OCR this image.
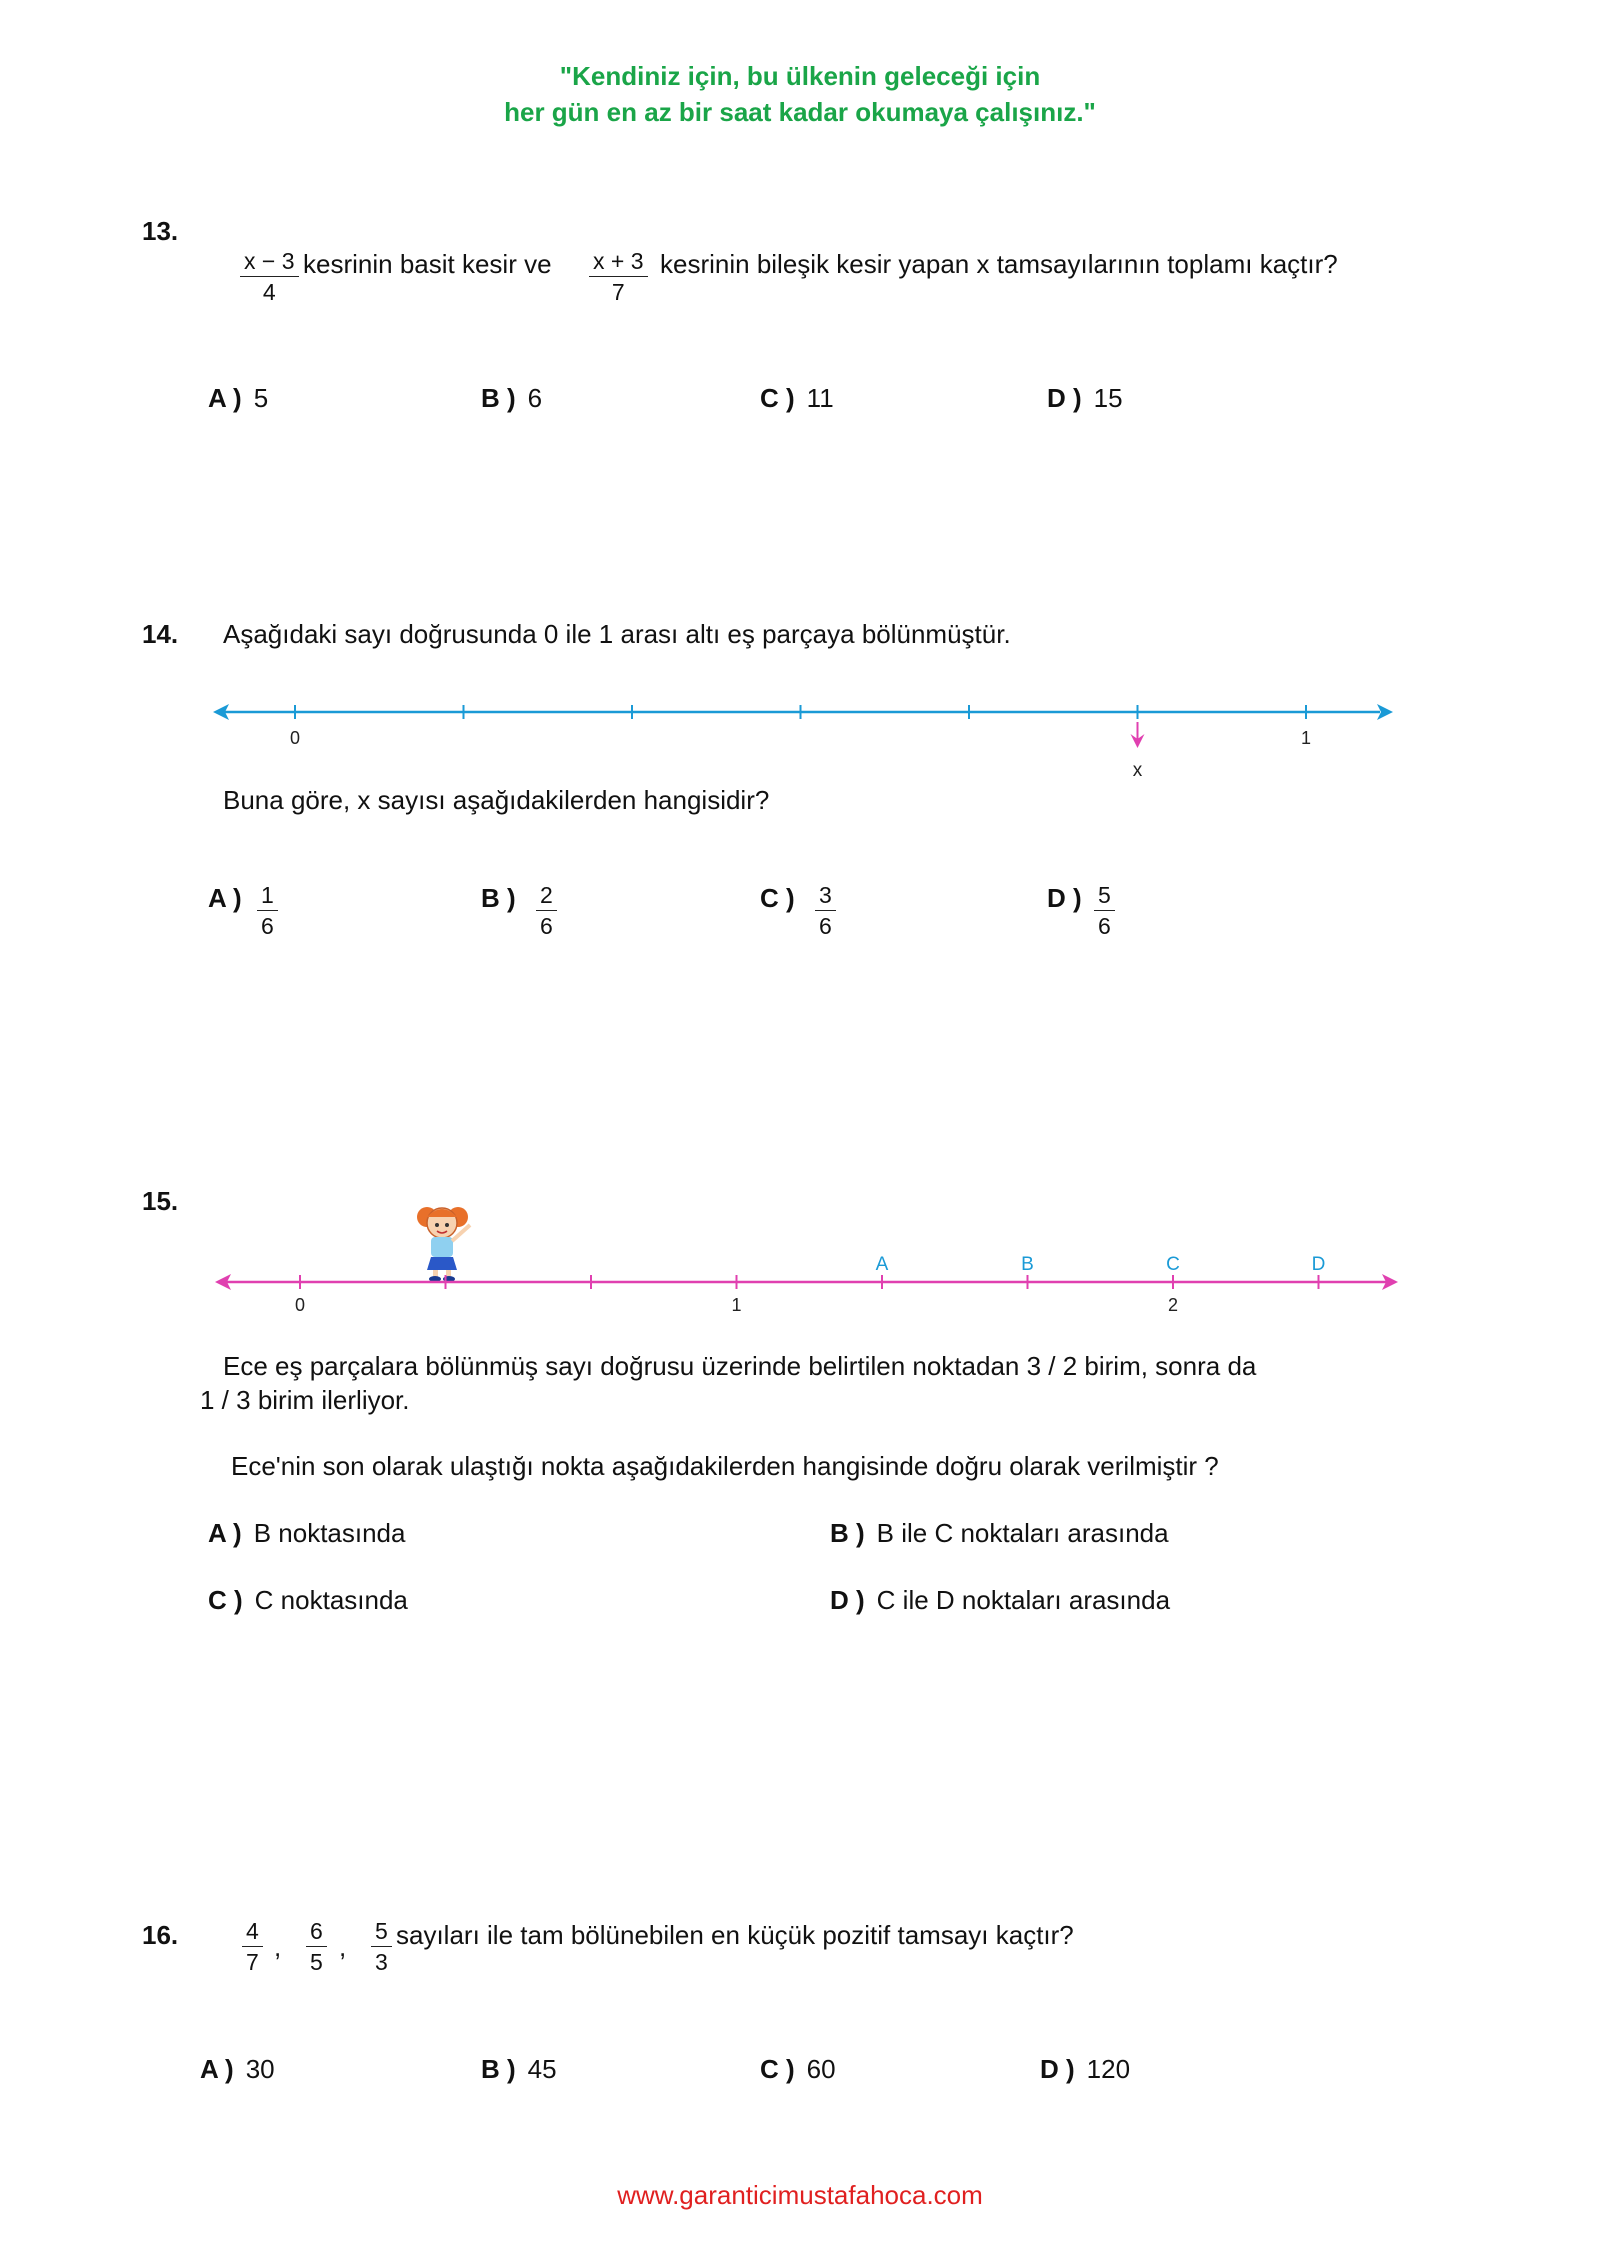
"Kendiniz için, bu ülkenin geleceği için
her gün en az bir saat kadar okumaya çalışınız."
13.
x − 3
4
kesrinin basit kesir ve x + 3
7
kesrinin bileşik kesir yapan x tamsayılarının toplamı kaçtır?
A ) 5	B ) 6	C ) 11	D ) 15
14. Aşağıdaki sayı doğrusunda 0 ile 1 arası altı eş parçaya bölünmüştür.
0	1
x
Buna göre, x sayısı aşağıdakilerden hangisidir?
A ) 1
6
B )	2
6
C )	3
6
D ) 5
6
15.
0	1	2
A	B	C	D
Ece eş parçalara bölünmüş sayı doğrusu üzerinde belirtilen noktadan 3 / 2 birim, sonra da
1 / 3 birim ilerliyor.
Ece'nin son olarak ulaştığı nokta aşağıdakilerden hangisinde doğru olarak verilmiştir ?
A ) B noktasında	B ) B ile C noktaları arasında
C ) C noktasında	D ) C ile D noktaları arasında
16.	4
7 ,
6
5 ,
5
3
sayıları ile tam bölünebilen en küçük pozitif tamsayı kaçtır?
A ) 30	B ) 45	C ) 60	D ) 120
www.garanticimustafahoca.com
